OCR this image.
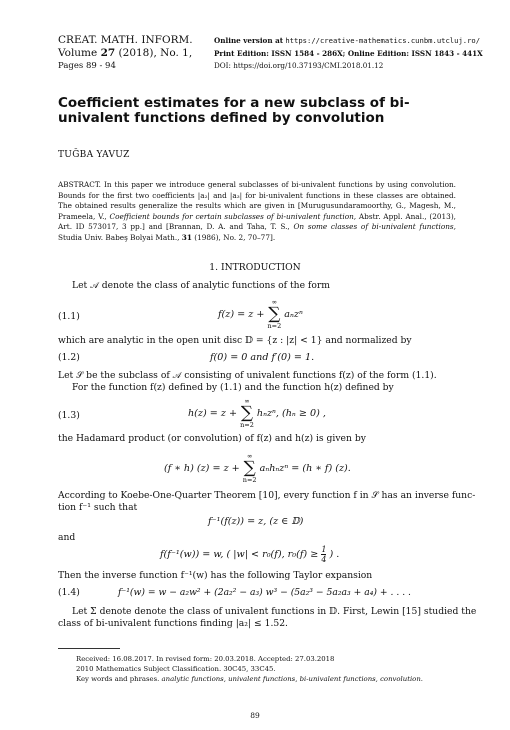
CREAT. MATH. INFORM.
Volume 27 (2018), No. 1,
Pages 89 - 94
Online version at https://creative-mathematics.cunbm.utcluj.ro/
Print Edition: ISSN 1584 - 286X; Online Edition: ISSN 1843 - 441X
DOI: https://doi.org/10.37193/CMI.2018.01.12
Coefficient estimates for a new subclass of bi-univalent functions defined by convolution
TUĞBA YAVUZ
ABSTRACT. In this paper we introduce general subclasses of bi-univalent functions by using convolution. Bounds for the first two coefficients |a₂| and |a₃| for bi-univalent functions in these classes are obtained. The obtained results generalize the results which are given in [Murugusundaramoorthy, G., Magesh, M., Prameela, V., Coefficient bounds for certain subclasses of bi-univalent function, Abstr. Appl. Anal., (2013), Art. ID 573017, 3 pp.] and [Brannan, D. A. and Taha, T. S., On some classes of bi-univalent functions, Studia Univ. Babeş Bolyai Math., 31 (1986), No. 2, 70–77].
1. INTRODUCTION
Let 𝒜 denote the class of analytic functions of the form
(1.1)	f(z) = z +
∞
∑
n=2
aₙzⁿ
which are analytic in the open unit disc 𝔻 = {z : |z| < 1} and normalized by
(1.2)	f(0) = 0 and f′(0) = 1.
Let 𝒮 be the subclass of 𝒜 consisting of univalent functions f(z) of the form (1.1).
For the function f(z) defined by (1.1) and the function h(z) defined by
(1.3)	h(z) = z +
∞
∑
n=2
hₙzⁿ, (hₙ ≥ 0) ,
the Hadamard product (or convolution) of f(z) and h(z) is given by
(f ∗ h) (z) = z +
∞
∑
n=2
aₙhₙzⁿ = (h ∗ f) (z).
According to Koebe-One-Quarter Theorem [10], every function f in 𝒮 has an inverse func-
tion f⁻¹ such that
f⁻¹(f(z)) = z, (z ∈ 𝔻)
and
f(f⁻¹(w)) = w, ( |w| < r₀(f), $r_0(f) \ge \frac{1}{4}$ ) .
Then the inverse function f⁻¹(w) has the following Taylor expansion
(1.4)	f⁻¹(w) = w − a₂w² + (2a₂² − a₃) w³ − (5a₂³ − 5a₂a₃ + a₄) + . . . .
Let Σ denote denote the class of univalent functions in 𝔻. First, Lewin [15] studied the
class of bi-univalent functions finding |a₂| ≤ 1.52.
Received: 16.08.2017. In revised form: 20.03.2018. Accepted: 27.03.2018
2010 Mathematics Subject Classification. 30C45, 33C45.
Key words and phrases. analytic functions, univalent functions, bi-univalent functions, convolution.
89
